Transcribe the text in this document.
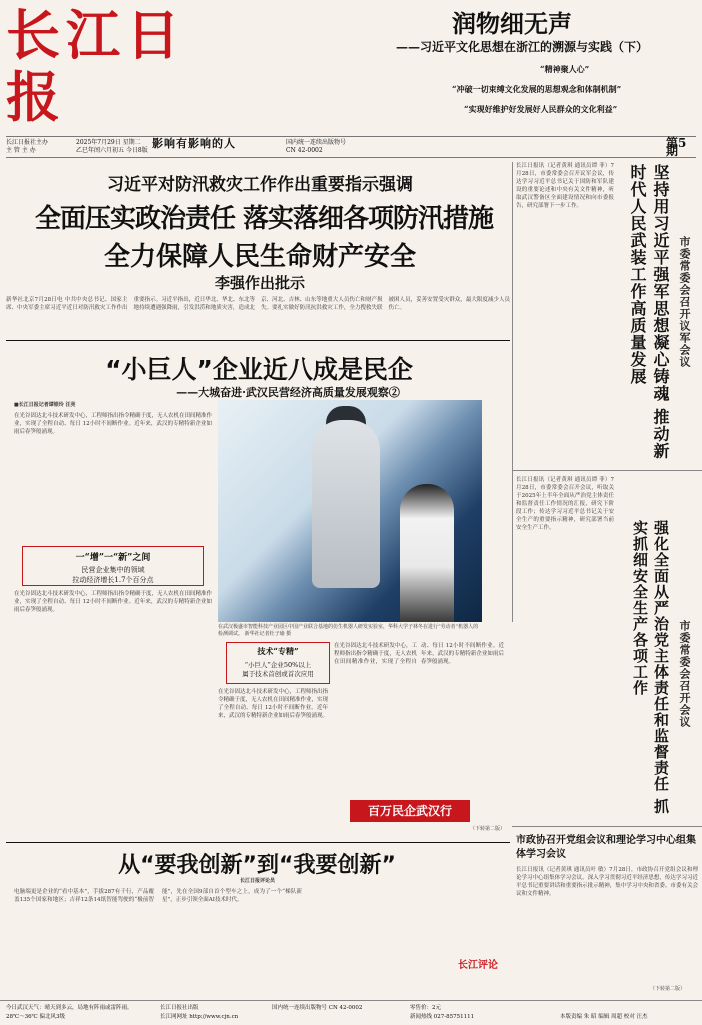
长江日报
润物细无声
——习近平文化思想在浙江的溯源与实践（下）
“精神聚人心”
“冲破一切束缚文化发展的思想观念和体制机制”
“实现好维护好发展好人民群众的文化利益”
长江日报社主办
主 管 主 办
2025年7月29日 星期二
乙巳年闰六月初五 今日8版
影响有影响的人	国内统一连续出版物号
CN 42-0002
第5期
习近平对防汛救灾工作作出重要指示强调
全面压实政治责任 落实落细各项防汛措施
全力保障人民生命财产安全
李强作出批示
新华社北京7月28日电 中共中央总书记、国家主席、中央军委主席习近平近日对防汛救灾工作作出重要指示。习近平指出，近日华北、华北、东北等地持续遭遇强降雨，引发洪涝和地质灾害，造成北京、河北、吉林、山东等地重大人员伤亡和财产损失。要扎实做好防汛抗洪救灾工作，全力搜救失联被困人员，妥善安置受灾群众，最大限度减少人员伤亡。
长江日报讯（记者黄琪 通讯员谭 菲）7月28日，市委常委会召开议军会议，传达学习习近平总书记关于国防和军队建设的重要论述和中央有关文件精神，听取武汉警备区全面建设情况和向市委报告，研究部署下一步工作。	坚持用习近平强军思想凝心铸魂 推动新时代人民武装工作高质量发展	市委常委会召开议军会议
长江日报讯（记者黄琪 通讯员谭 菲）7月28日，市委常委会召开会议，听取关于2025年上半年全面从严治党主体责任和监督责任工作情况的汇报，研究下阶段工作；传达学习习近平总书记关于安全生产的重要指示精神，研究部署当前安全生产工作。	强化全面从严治党主体责任和监督责任 抓实抓细安全生产各项工作	市委常委会召开会议
“小巨人”企业近八成是民企
——大城奋进·武汉民营经济高质量发展观察②
■长江日报记者谭银玲 汪亮
在光谷固达北斗技术研发中心，工程师指出指令精确于度，无人农机在田间精准作业，实现了全程自动、每日 12小时不间断作业。近年来，武汉的专精特新企业如雨后春笋般涌现。
一“增”一“新”之间
民营企业集中的领域
拉动经济增长1.7个百分点
在光谷固达北斗技术研发中心，工程师指出指令精确于度，无人农机在田间精准作业，实现了全程自动、每日 12小时不间断作业。近年来，武汉的专精特新企业如雨后春笋般涌现。
在武汉极盛市智能科技产业园区中国产业联合基地的仿生机器人研发实验室，华科大学子林冬在进行“劳动者”机器人的检测调试。 新华社记者杜子瑜 摄
技术“专精”
“小巨人”企业50%以上
属于技术首创或首次应用
在光谷固达北斗技术研发中心，工程师指出指令精确于度，无人农机在田间精准作业，实现了全程自动、每日 12小时不间断作业。近年来，武汉的专精特新企业如雨后春笋般涌现。
在光谷固达北斗技术研发中心，工程师指出指令精确于度，无人农机在田间精准作业，实现了全程自动、每日 12小时不间断作业。近年来，武汉的专精特新企业如雨后春笋般涌现。
百万民企武汉行
（下转第二版）
从“要我创新”到“我要创新”
长江日报评论员
电脑端更是企业的“看中基本”，手拔287有千行，产品覆盖135个国家和地区；吉祥12条14纸智能驾驶的“极前智能”，先在全国9部自首个型车之上，成为了一个“梯队新星”，正步引领全面AI技术时代。
长江评论
市政协召开党组会议和理论学习中心组集体学习会议
长江日报讯（记者黄琪 通讯员叶 敏）7月28日，市政协召开党组会议和理论学习中心组集体学习会议，深入学习贯彻习近平经济思想，传达学习习近平总书记重要讲话和重要指示批示精神，集中学习中央和省委、市委有关会议和文件精神。
（下转第二版）
今日武汉天气：晴天到多云，局地有阵雨或雷阵雨。
28℃～36℃ 偏北风3级
长江日报社出版
长江网网址 http://www.cjn.cn
国内统一连续出版物号 CN 42-0002	零售价：2元
新闻热线 027-85751111	本版责编 朱 昭 编辑 周超 校对 汪杰
